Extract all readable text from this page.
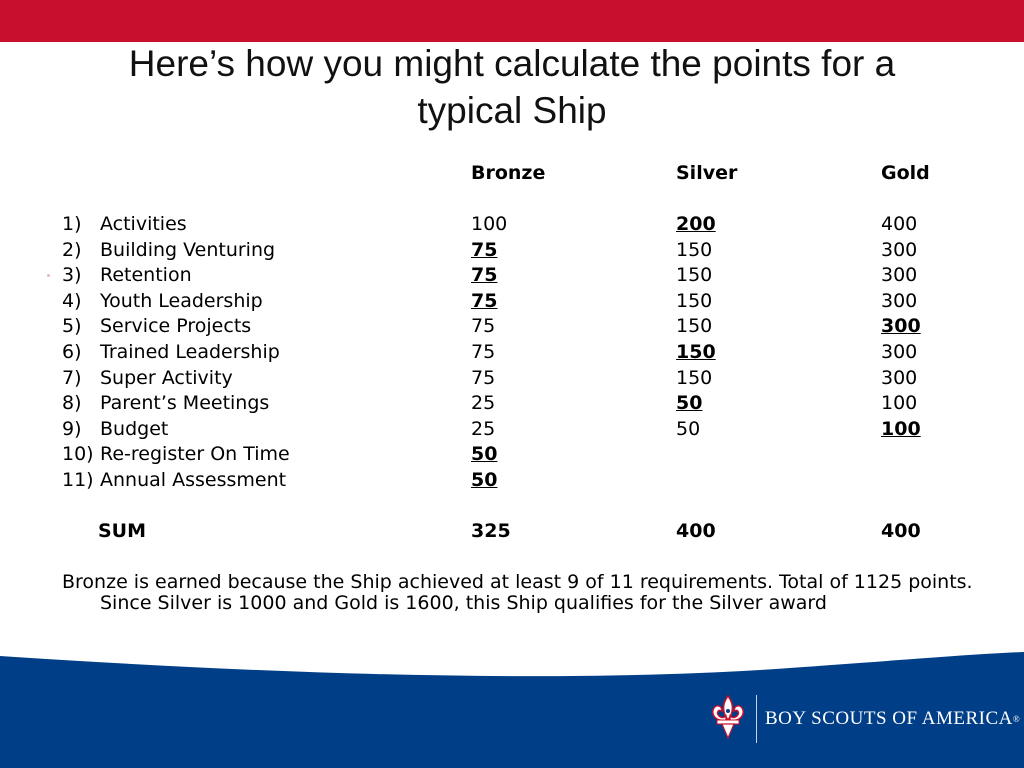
Here’s how you might calculate the points for a
typical Ship
Bronze	Silver	Gold
1) Activities	100	200	400
2) Building Venturing	75	150	300
3) Retention	75	150	300
4) Youth Leadership	75	150	300
5) Service Projects	75	150	300
6) Trained Leadership	75	150	300
7) Super Activity	75	150	300
8) Parent’s Meetings	25	50	100
9) Budget	25	50	100
10) Re-register On Time	50
11) Annual Assessment	50
SUM	325	400	400
Bronze is earned because the Ship achieved at least 9 of 11 requirements. Total of 1125 points. Since Silver is 1000 and Gold is 1600, this Ship qualifies for the Silver award
BOY SCOUTS OF AMERICA ®
